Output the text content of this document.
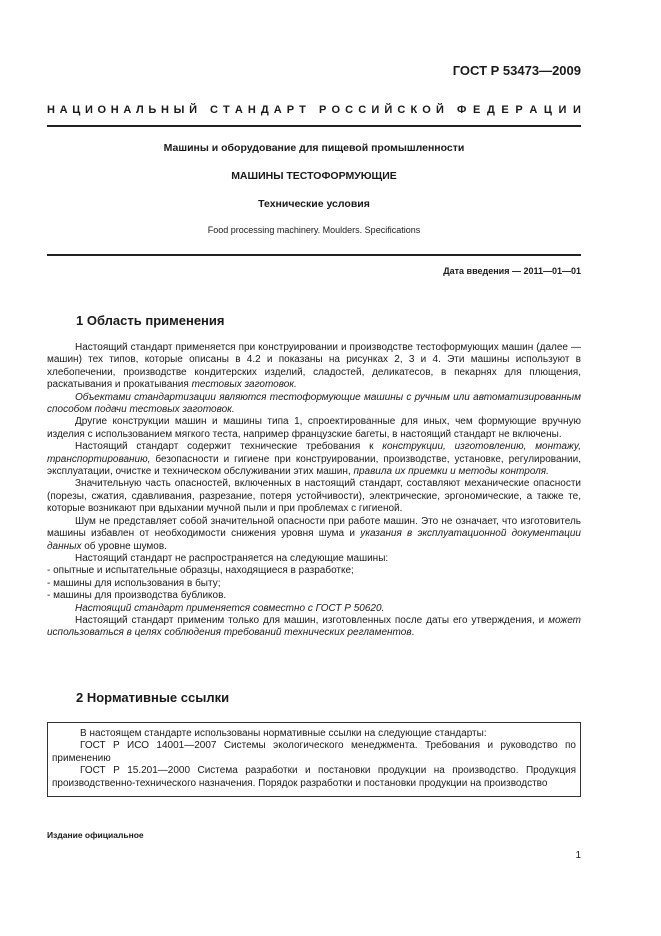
ГОСТ Р 53473—2009
Н А Ц И О Н А Л Ь Н Ы Й С Т А Н Д А Р Т Р О С С И Й С К О Й Ф Е Д Е Р А Ц И И
Машины и оборудование для пищевой промышленности
МАШИНЫ ТЕСТОФОРМУЮЩИЕ
Технические условия
Food processing machinery. Moulders. Specifications
Дата введения — 2011—01—01
1 Область применения

Настоящий стандарт применяется при конструировании и производстве тестоформующих машин (далее — машин) тех типов, которые описаны в 4.2 и показаны на рисунках 2, 3 и 4. Эти машины используют в хлебопечении, производстве кондитерских изделий, сладостей, деликатесов, в пекарнях для плющения, раскатывания и прокатывания тестовых заготовок.

Объектами стандартизации являются тестоформующие машины с ручным или автоматизированным способом подачи тестовых заготовок.

Другие конструкции машин и машины типа 1, спроектированные для иных, чем формующие вручную изделия с использованием мягкого теста, например французские багеты, в настоящий стандарт не включены.

Настоящий стандарт содержит технические требования к конструкции, изготовлению, монтажу, транспортированию, безопасности и гигиене при конструировании, производстве, установке, регулировании, эксплуатации, очистке и техническом обслуживании этих машин, правила их приемки и методы контроля.

Значительную часть опасностей, включенных в настоящий стандарт, составляют механические опасности (порезы, сжатия, сдавливания, разрезание, потеря устойчивости), электрические, эргономические, а также те, которые возникают при вдыхании мучной пыли и при проблемах с гигиеной.

Шум не представляет собой значительной опасности при работе машин. Это не означает, что изготовитель машины избавлен от необходимости снижения уровня шума и указания в эксплуатационной документации данных об уровне шумов.

Настоящий стандарт не распространяется на следующие машины:

- опытные и испытательные образцы, находящиеся в разработке;

- машины для использования в быту;

- машины для производства бубликов.

Настоящий стандарт применяется совместно с ГОСТ Р 50620.

Настоящий стандарт применим только для машин, изготовленных после даты его утверждения, и может использоваться в целях соблюдения требований технических регламентов.

2 Нормативные ссылки

В настоящем стандарте использованы нормативные ссылки на следующие стандарты:

ГОСТ Р ИСО 14001—2007 Системы экологического менеджмента. Требования и руководство по применению

ГОСТ Р 15.201—2000 Система разработки и постановки продукции на производство. Продукция производственно-технического назначения. Порядок разработки и постановки продукции на производство

Издание официальное
1
